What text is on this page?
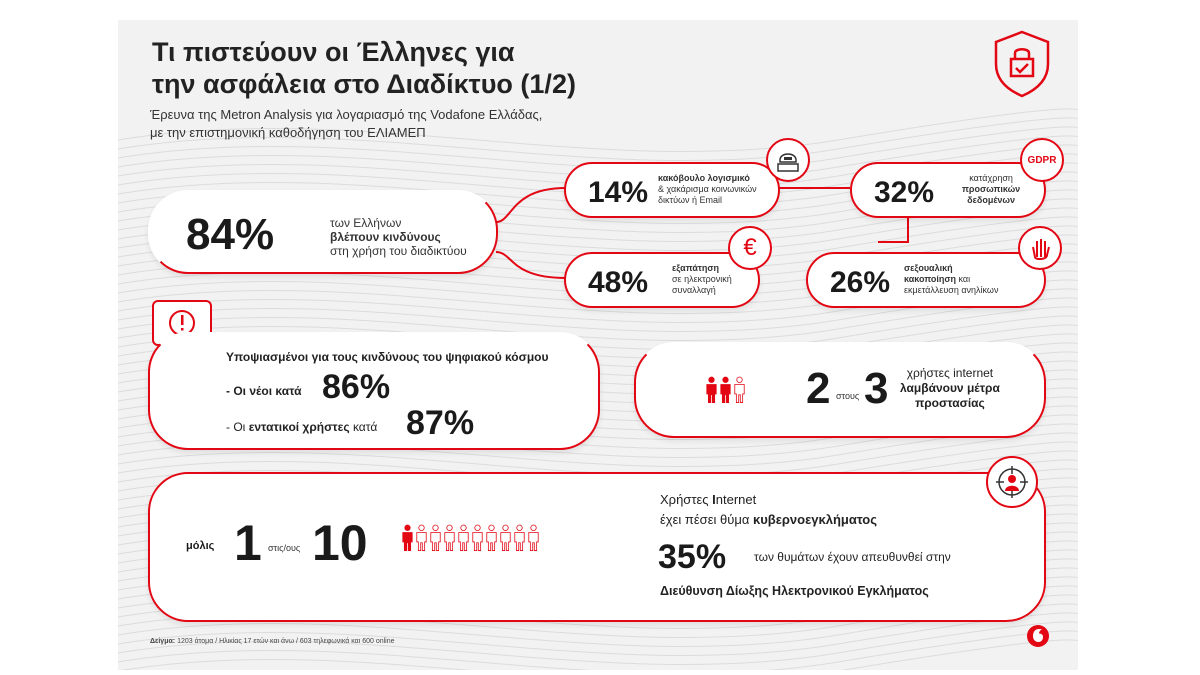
Τι πιστεύουν οι Έλληνες για
την ασφάλεια στο Διαδίκτυο (1/2)
Έρευνα της Metron Analysis για λογαριασμό της Vodafone Ελλάδας,
με την επιστημονική καθοδήγηση του ΕΛΙΑΜΕΠ
84%	των Ελλήνων
βλέπουν κινδύνους
στη χρήση του διαδικτύου
14% κακόβουλο λογισμικό
& χακάρισμα κοινωνικών
δικτύων ή Email	32%	κατάχρηση
προσωπικών
δεδομένων
GDPR
48%	εξαπάτηση
σε ηλεκτρονική
συναλλαγή
€
26% σεξουαλική
κακοποίηση και
εκμετάλλευση ανηλίκων
Υποψιασμένοι για τους κινδύνους του ψηφιακού κόσμου
- Οι νέοι κατά 86%
- Οι εντατικοί χρήστες κατά 87%
2 στους 3	χρήστες internet
λαμβάνουν μέτρα
προστασίας
μόλις 1 στις/ους 10
Χρήστες Internet
έχει πέσει θύμα κυβερνοεγκλήματος
35% των θυμάτων έχουν απευθυνθεί στην
Διεύθυνση Δίωξης Ηλεκτρονικού Εγκλήματος
Δείγμα: 1203 άτομα / Ηλικίας 17 ετών και άνω / 603 τηλεφωνικά και 600 online
